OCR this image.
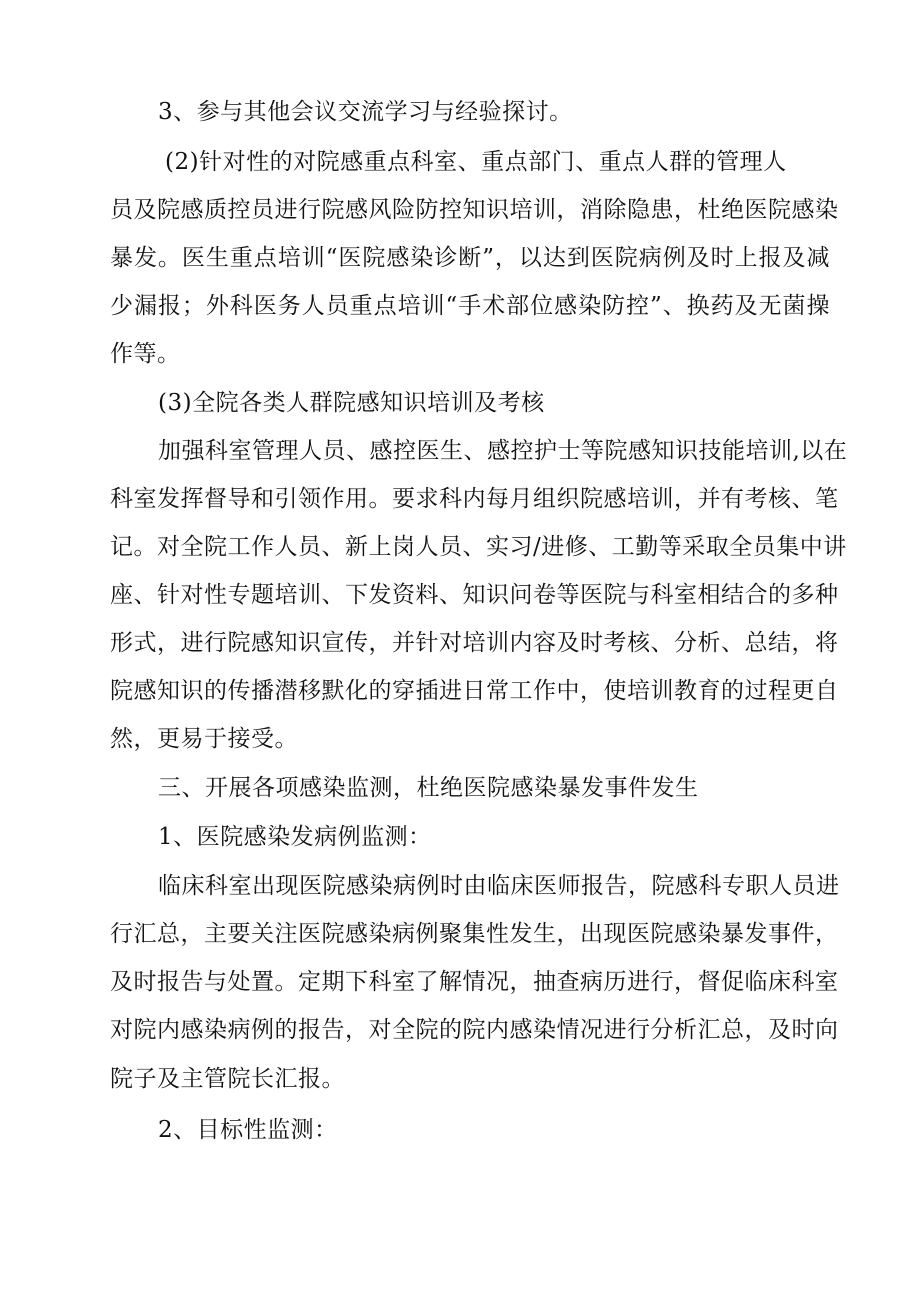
3、参与其他会议交流学习与经验探讨。
(2)针对性的对院感重点科室、重点部门、重点人群的管理人
员及院感质控员进行院感风险防控知识培训，消除隐患，杜绝医院感染
暴发。医生重点培训“医院感染诊断”，以达到医院病例及时上报及减
少漏报；外科医务人员重点培训“手术部位感染防控”、换药及无菌操
作等。
(3)全院各类人群院感知识培训及考核
加强科室管理人员、感控医生、感控护士等院感知识技能培训,以在
科室发挥督导和引领作用。要求科内每月组织院感培训，并有考核、笔
记。对全院工作人员、新上岗人员、实习/进修、工勤等采取全员集中讲
座、针对性专题培训、下发资料、知识问卷等医院与科室相结合的多种
形式，进行院感知识宣传，并针对培训内容及时考核、分析、总结，将
院感知识的传播潜移默化的穿插进日常工作中，使培训教育的过程更自
然，更易于接受。
三、开展各项感染监测，杜绝医院感染暴发事件发生
1、医院感染发病例监测：
临床科室出现医院感染病例时由临床医师报告，院感科专职人员进
行汇总，主要关注医院感染病例聚集性发生，出现医院感染暴发事件，
及时报告与处置。定期下科室了解情况，抽查病历进行，督促临床科室
对院内感染病例的报告，对全院的院内感染情况进行分析汇总，及时向
院子及主管院长汇报。
2、目标性监测：
